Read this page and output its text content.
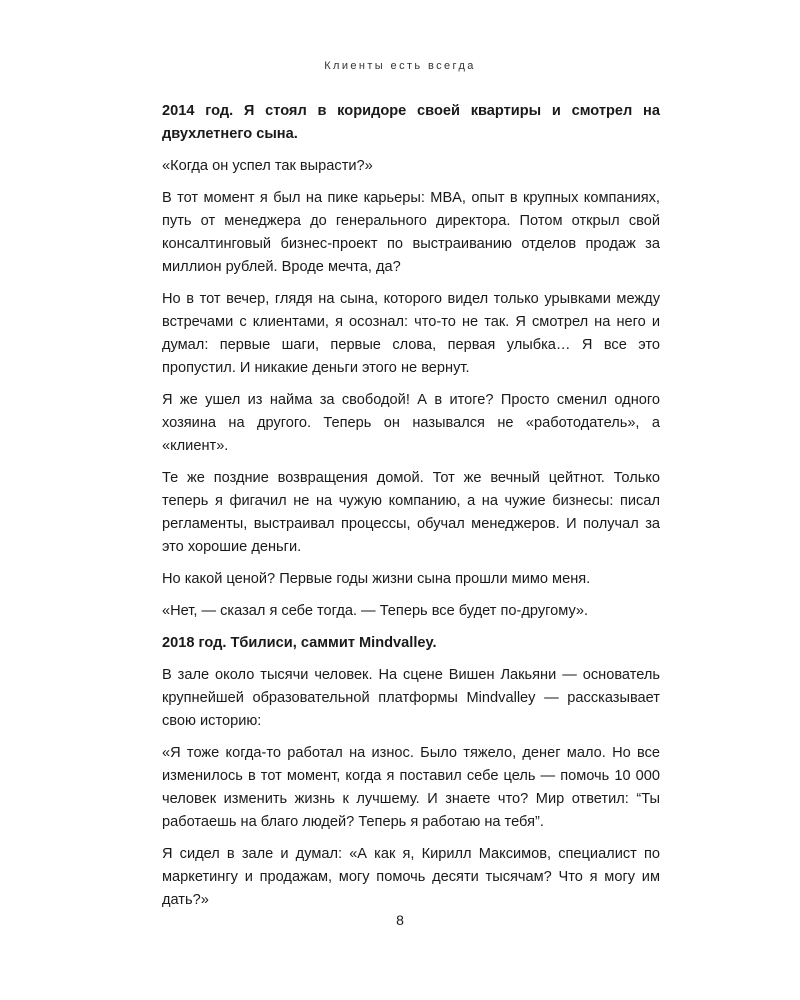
Клиенты есть всегда

2014 год. Я стоял в коридоре своей квартиры и смотрел на двухлетнего сына.

«Когда он успел так вырасти?»

В тот момент я был на пике карьеры: MBA, опыт в крупных компаниях, путь от менеджера до генерального директора. Потом открыл свой консалтинговый бизнес-проект по выстраиванию отделов продаж за миллион рублей. Вроде мечта, да?

Но в тот вечер, глядя на сына, которого видел только урывками между встречами с клиентами, я осознал: что-то не так. Я смотрел на него и думал: первые шаги, первые слова, первая улыбка… Я все это пропустил. И никакие деньги этого не вернут.

Я же ушел из найма за свободой! А в итоге? Просто сменил одного хозяина на другого. Теперь он назывался не «работодатель», а «клиент».

Те же поздние возвращения домой. Тот же вечный цейтнот. Только теперь я фигачил не на чужую компанию, а на чужие бизнесы: писал регламенты, выстраивал процессы, обучал менеджеров. И получал за это хорошие деньги.

Но какой ценой? Первые годы жизни сына прошли мимо меня.

«Нет, — сказал я себе тогда. — Теперь все будет по-другому».

2018 год. Тбилиси, саммит Mindvalley.

В зале около тысячи человек. На сцене Вишен Лакьяни — основатель крупнейшей образовательной платформы Mindvalley — рассказывает свою историю:

«Я тоже когда-то работал на износ. Было тяжело, денег мало. Но все изменилось в тот момент, когда я поставил себе цель — помочь 10 000 человек изменить жизнь к лучшему. И знаете что? Мир ответил: “Ты работаешь на благо людей? Теперь я работаю на тебя”.

Я сидел в зале и думал: «А как я, Кирилл Максимов, специалист по маркетингу и продажам, могу помочь десяти тысячам? Что я могу им дать?»

8
